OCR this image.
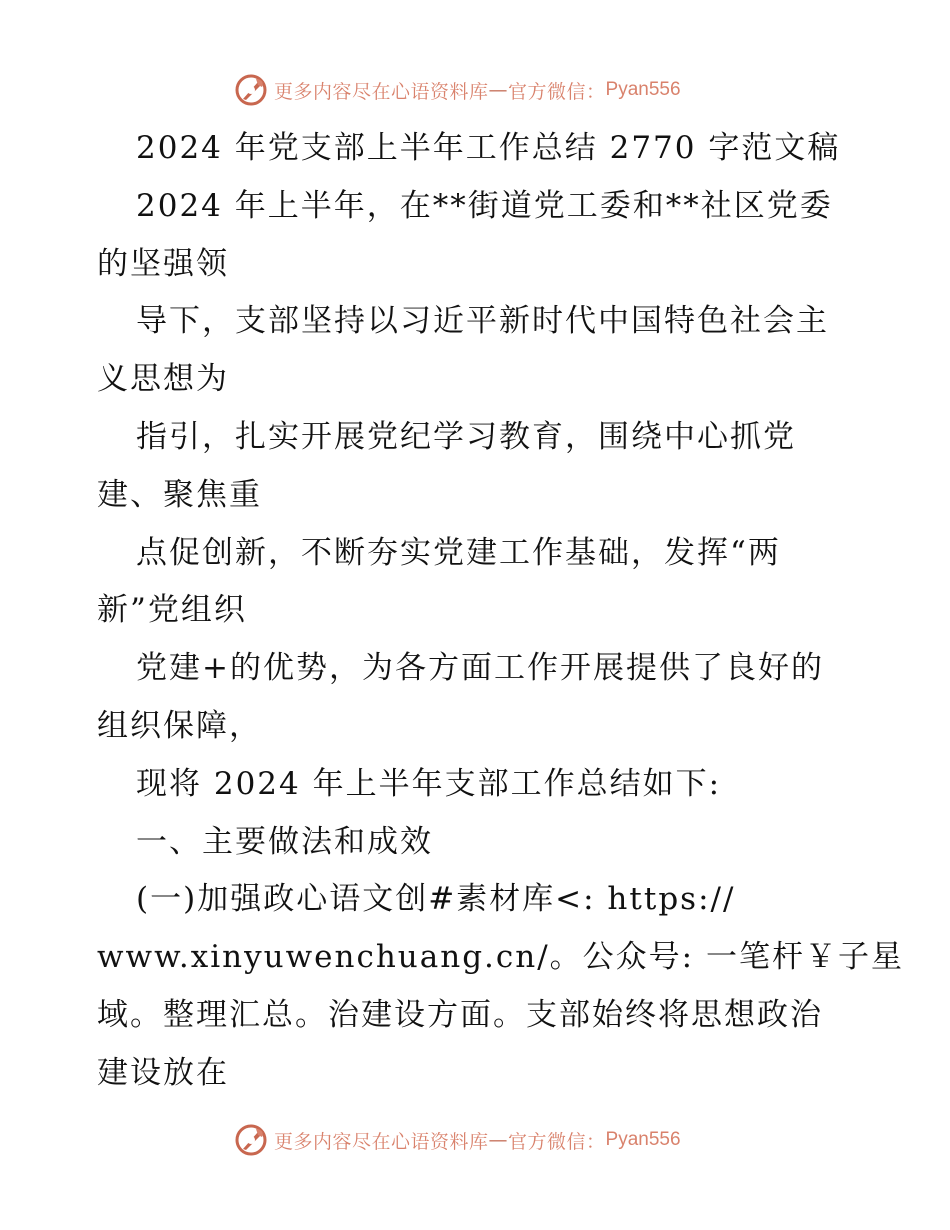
更多内容尽在心语资料库 — 官方微信： Pyan556
2024 年党支部上半年工作总结 2770 字范文稿
2024 年上半年，在**街道党工委和**社区党委
的坚强领
导下，支部坚持以习近平新时代中国特色社会主
义思想为
指引，扎实开展党纪学习教育，围绕中心抓党
建、聚焦重
点促创新，不断夯实党建工作基础，发挥“两
新”党组织
党建+的优势，为各方面工作开展提供了良好的
组织保障，
现将 2024 年上半年支部工作总结如下:
一、主要做法和成效
(一)加强政心语文创#素材库<: https://
www.xinyuwenchuang.cn/。公众号: 一笔杆￥子星
域。整理汇总。治建设方面。支部始终将思想政治
建设放在
更多内容尽在心语资料库 — 官方微信： Pyan556
